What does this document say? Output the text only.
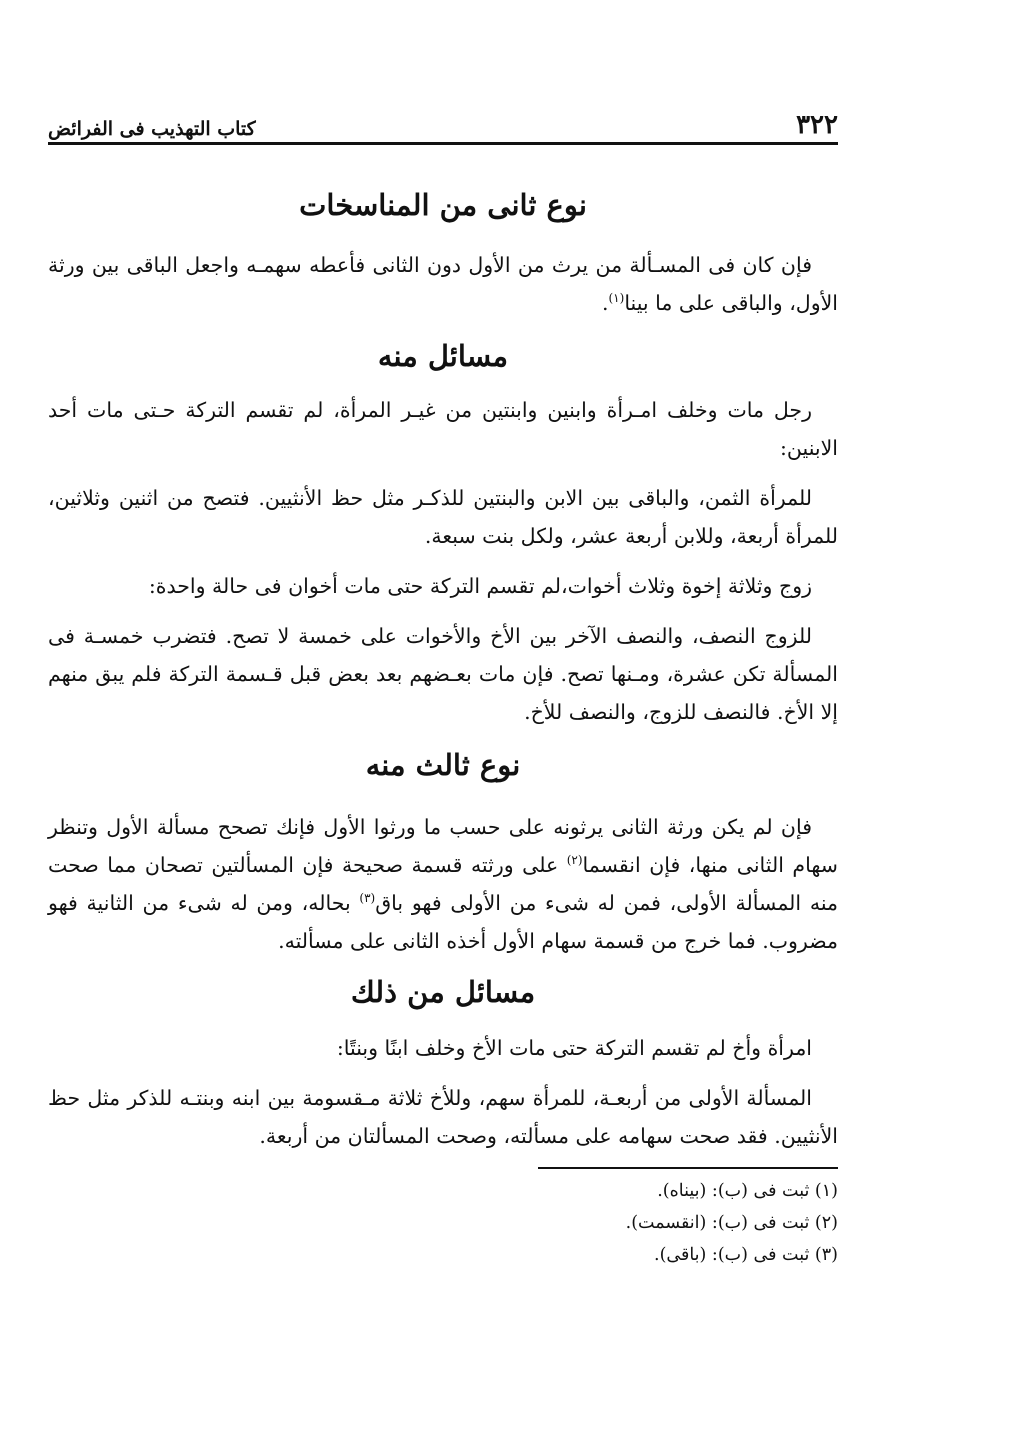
٣٢٢
كتاب التهذيب فى الفرائض
نوع ثانى من المناسخات

فإن كان فى المسـألة من يرث من الأول دون الثانى فأعطه سهمـه واجعل الباقى بين ورثة الأول، والباقى على ما بينا$^{(١)}$.

مسائل منه

رجل مات وخلف امـرأة وابنين وابنتين من غيـر المرأة، لم تقسم التركة حـتى مات أحد الابنين:

للمرأة الثمن، والباقى بين الابن والبنتين للذكـر مثل حظ الأنثيين. فتصح من اثنين وثلاثين، للمرأة أربعة، وللابن أربعة عشر، ولكل بنت سبعة.

زوج وثلاثة إخوة وثلاث أخوات،لم تقسم التركة حتى مات أخوان فى حالة واحدة:

للزوج النصف، والنصف الآخر بين الأخ والأخوات على خمسة لا تصح. فتضرب خمسـة فى المسألة تكن عشرة، ومـنها تصح. فإن مات بعـضهم بعد بعض قبل قـسمة التركة فلم يبق منهم إلا الأخ. فالنصف للزوج، والنصف للأخ.

نوع ثالث منه

فإن لم يكن ورثة الثانى يرثونه على حسب ما ورثوا الأول فإنك تصحح مسألة الأول وتنظر سهام الثانى منها، فإن انقسما$^{(٢)}$ على ورثته قسمة صحيحة فإن المسألتين تصحان مما صحت منه المسألة الأولى، فمن له شىء من الأولى فهو باق$^{(٣)}$ بحاله، ومن له شىء من الثانية فهو مضروب. فما خرج من قسمة سهام الأول أخذه الثانى على مسألته.

مسائل من ذلك

امرأة وأخ لم تقسم التركة حتى مات الأخ وخلف ابنًا وبنتًا:

المسألة الأولى من أربعـة، للمرأة سهم، وللأخ ثلاثة مـقسومة بين ابنه وبنتـه للذكر مثل حظ الأنثيين. فقد صحت سهامه على مسألته، وصحت المسألتان من أربعة.

(١) ثبت فى (ب): (بيناه).

(٢) ثبت فى (ب): (انقسمت).

(٣) ثبت فى (ب): (باقى).
